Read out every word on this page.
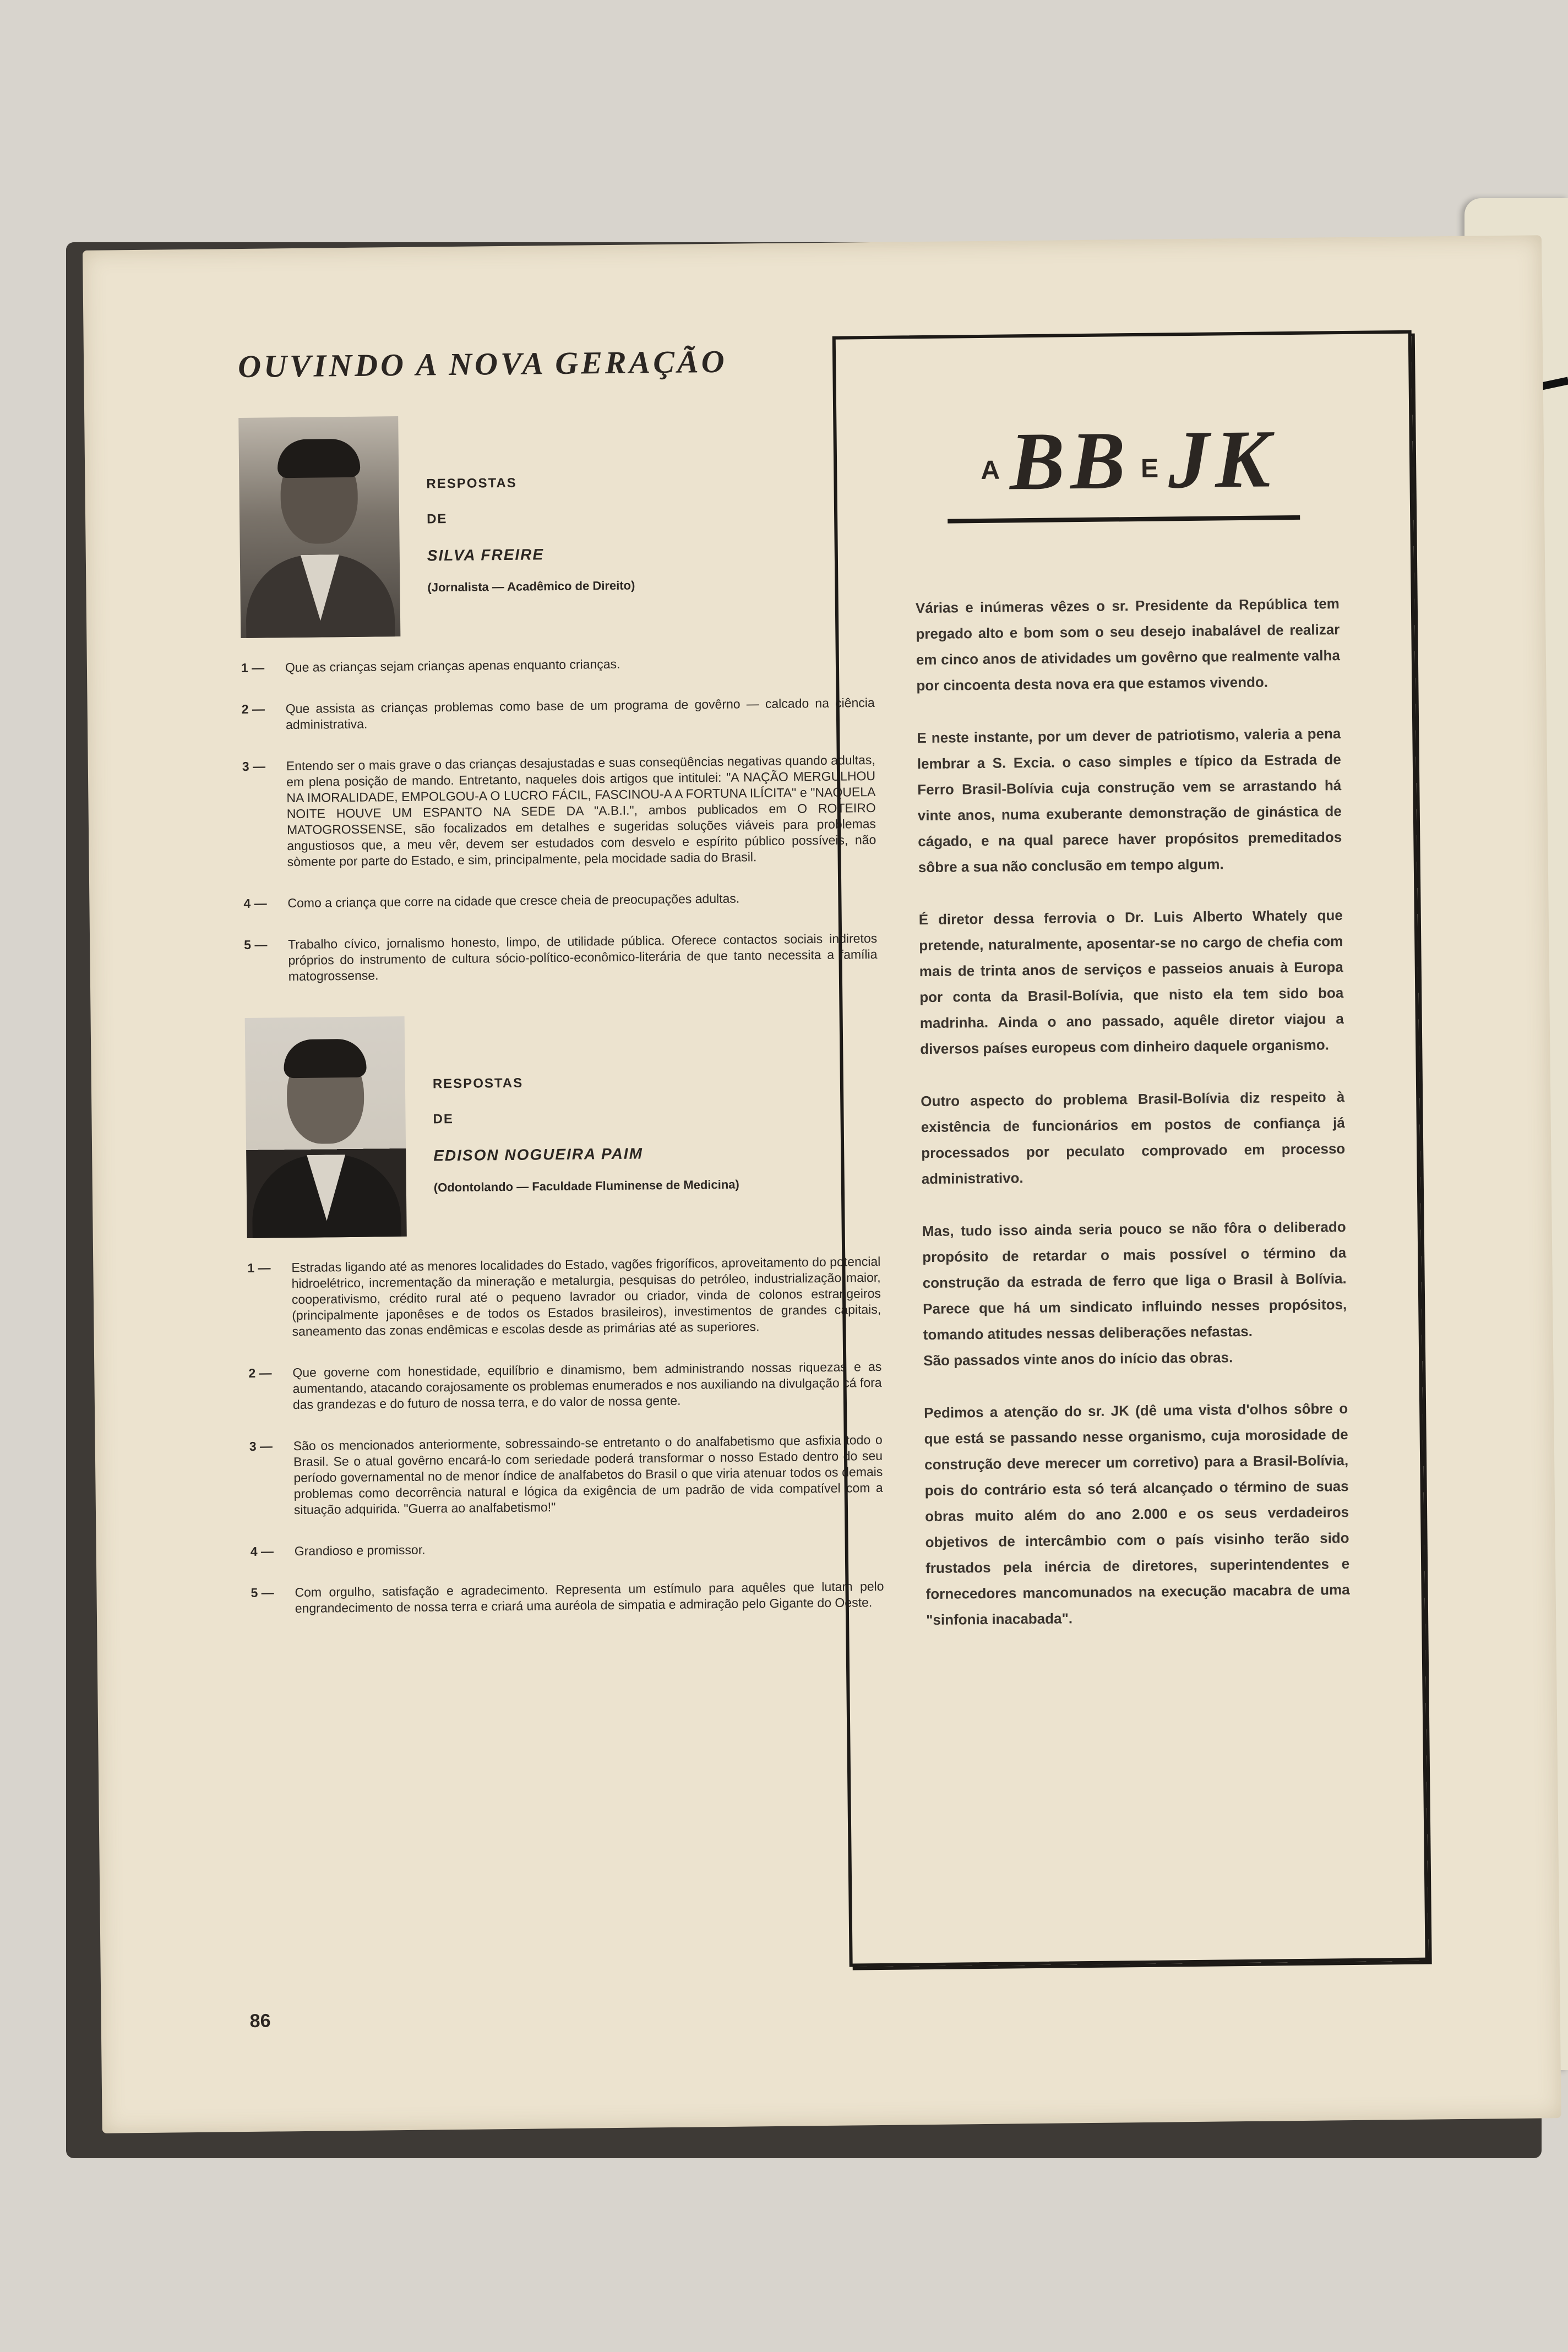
OUVINDO A NOVA GERAÇÃO
RESPOSTAS
DE
SILVA FREIRE
(Jornalista — Acadêmico de Direito)
1 —	Que as crianças sejam crianças apenas enquanto crianças.
2 —	Que assista as crianças problemas como base de um programa de govêrno — calcado na ciência administrativa.
3 —	Entendo ser o mais grave o das crianças desajustadas e suas conseqüências negativas quando adultas, em plena posição de mando. Entretanto, naqueles dois artigos que intitulei: "A NAÇÃO MERGULHOU NA IMORALIDADE, EMPOLGOU-A O LUCRO FÁCIL, FASCINOU-A A FORTUNA ILÍCITA" e "NAQUELA NOITE HOUVE UM ESPANTO NA SEDE DA "A.B.I.", ambos publicados em O ROTEIRO MATOGROSSENSE, são focalizados em detalhes e sugeridas soluções viáveis para problemas angustiosos que, a meu vêr, devem ser estudados com desvelo e espírito público possíveis, não sòmente por parte do Estado, e sim, principalmente, pela mocidade sadia do Brasil.
4 —	Como a criança que corre na cidade que cresce cheia de preocupações adultas.
5 —	Trabalho cívico, jornalismo honesto, limpo, de utilidade pública. Oferece contactos sociais indiretos próprios do instrumento de cultura sócio-político-econômico-literária de que tanto necessita a família matogrossense.
RESPOSTAS
DE
EDISON NOGUEIRA PAIM
(Odontolando — Faculdade Fluminense de Medicina)
1 —	Estradas ligando até as menores localidades do Estado, vagões frigoríficos, aproveitamento do potencial hidroelétrico, incrementação da mineração e metalurgia, pesquisas do petróleo, industrialização maior, cooperativismo, crédito rural até o pequeno lavrador ou criador, vinda de colonos estrangeiros (principalmente japonêses e de todos os Estados brasileiros), investimentos de grandes capitais, saneamento das zonas endêmicas e escolas desde as primárias até as superiores.
2 —	Que governe com honestidade, equilíbrio e dinamismo, bem administrando nossas riquezas e as aumentando, atacando corajosamente os problemas enumerados e nos auxiliando na divulgação cá fora das grandezas e do futuro de nossa terra, e do valor de nossa gente.
3 —	São os mencionados anteriormente, sobressaindo-se entretanto o do analfabetismo que asfixia todo o Brasil. Se o atual govêrno encará-lo com seriedade poderá transformar o nosso Estado dentro do seu período governamental no de menor índice de analfabetos do Brasil o que viria atenuar todos os demais problemas como decorrência natural e lógica da exigência de um padrão de vida compatível com a situação adquirida. "Guerra ao analfabetismo!"
4 —	Grandioso e promissor.
5 —	Com orgulho, satisfação e agradecimento. Representa um estímulo para aquêles que lutam pelo engrandecimento de nossa terra e criará uma auréola de simpatia e admiração pelo Gigante do Oeste.
86
A BB E JK

Várias e inúmeras vêzes o sr. Presidente da República tem pregado alto e bom som o seu desejo inabalável de realizar em cinco anos de atividades um govêrno que realmente valha por cincoenta desta nova era que estamos vivendo.

E neste instante, por um dever de patriotismo, valeria a pena lembrar a S. Excia. o caso simples e típico da Estrada de Ferro Brasil-Bolívia cuja construção vem se arrastando há vinte anos, numa exuberante demonstração de ginástica de cágado, e na qual parece haver propósitos premeditados sôbre a sua não conclusão em tempo algum.

É diretor dessa ferrovia o Dr. Luis Alberto Whately que pretende, naturalmente, aposentar-se no cargo de chefia com mais de trinta anos de serviços e passeios anuais à Europa por conta da Brasil-Bolívia, que nisto ela tem sido boa madrinha. Ainda o ano passado, aquêle diretor viajou a diversos países europeus com dinheiro daquele organismo.

Outro aspecto do problema Brasil-Bolívia diz respeito à existência de funcionários em postos de confiança já processados por peculato comprovado em processo administrativo.

Mas, tudo isso ainda seria pouco se não fôra o deliberado propósito de retardar o mais possível o término da construção da estrada de ferro que liga o Brasil à Bolívia. Parece que há um sindicato influindo nesses propósitos, tomando atitudes nessas deliberações nefastas.

São passados vinte anos do início das obras.

Pedimos a atenção do sr. JK (dê uma vista d'olhos sôbre o que está se passando nesse organismo, cuja morosidade de construção deve merecer um corretivo) para a Brasil-Bolívia, pois do contrário esta só terá alcançado o término de suas obras muito além do ano 2.000 e os seus verdadeiros objetivos de intercâmbio com o país visinho terão sido frustados pela inércia de diretores, superintendentes e fornecedores mancomunados na execução macabra de uma "sinfonia inacabada".
